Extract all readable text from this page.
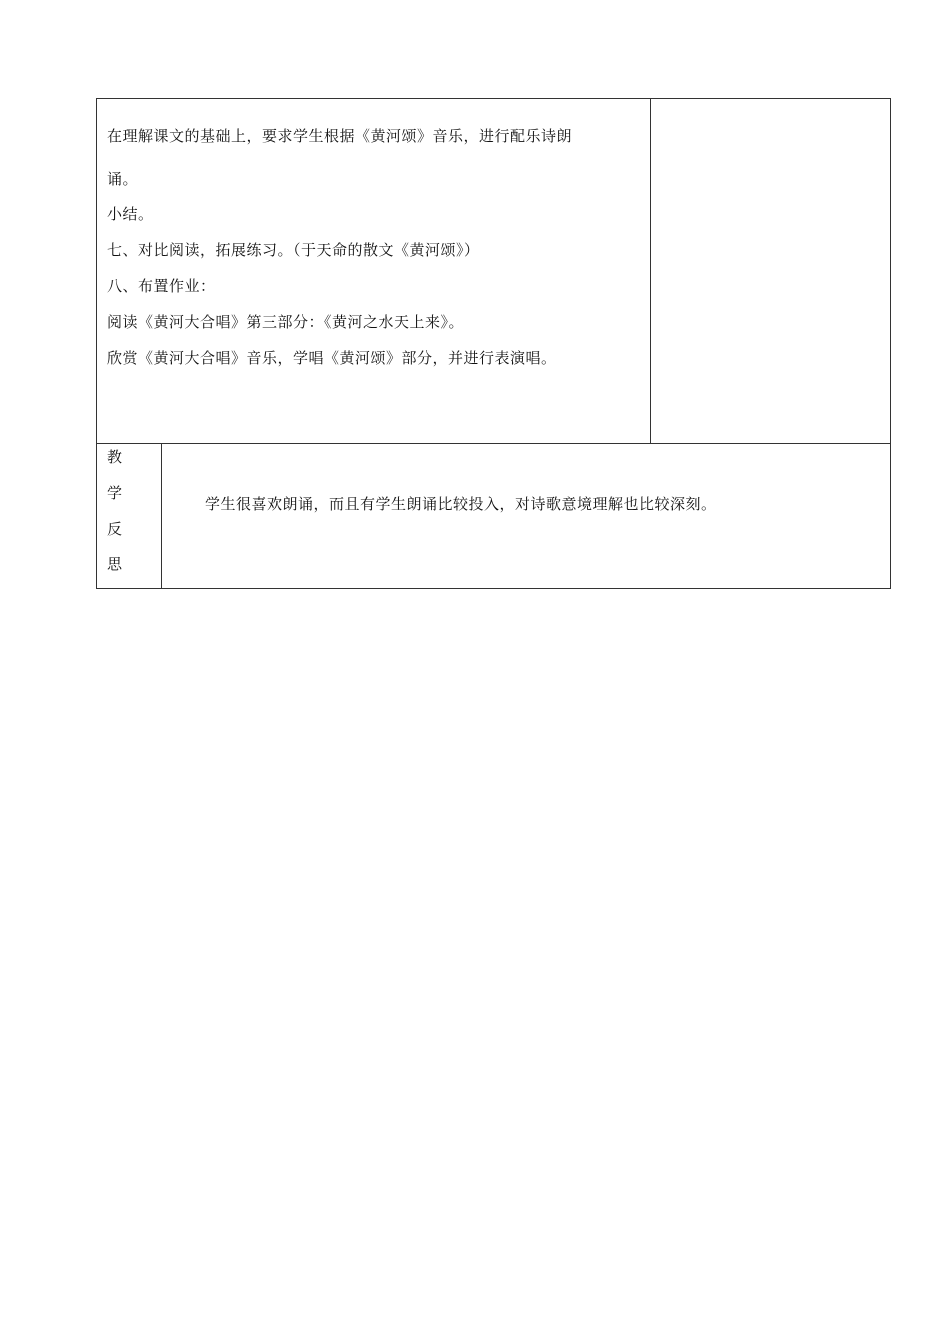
在理解课文的基础上，要求学生根据《黄河颂》音乐，进行配乐诗朗
诵。
小结。
七、对比阅读，拓展练习。（于天命的散文《黄河颂》）
八、布置作业：
阅读《黄河大合唱》第三部分：《黄河之水天上来》。
欣赏《黄河大合唱》音乐，学唱《黄河颂》部分，并进行表演唱。
教
学
反
思
学生很喜欢朗诵，而且有学生朗诵比较投入，对诗歌意境理解也比较深刻。
